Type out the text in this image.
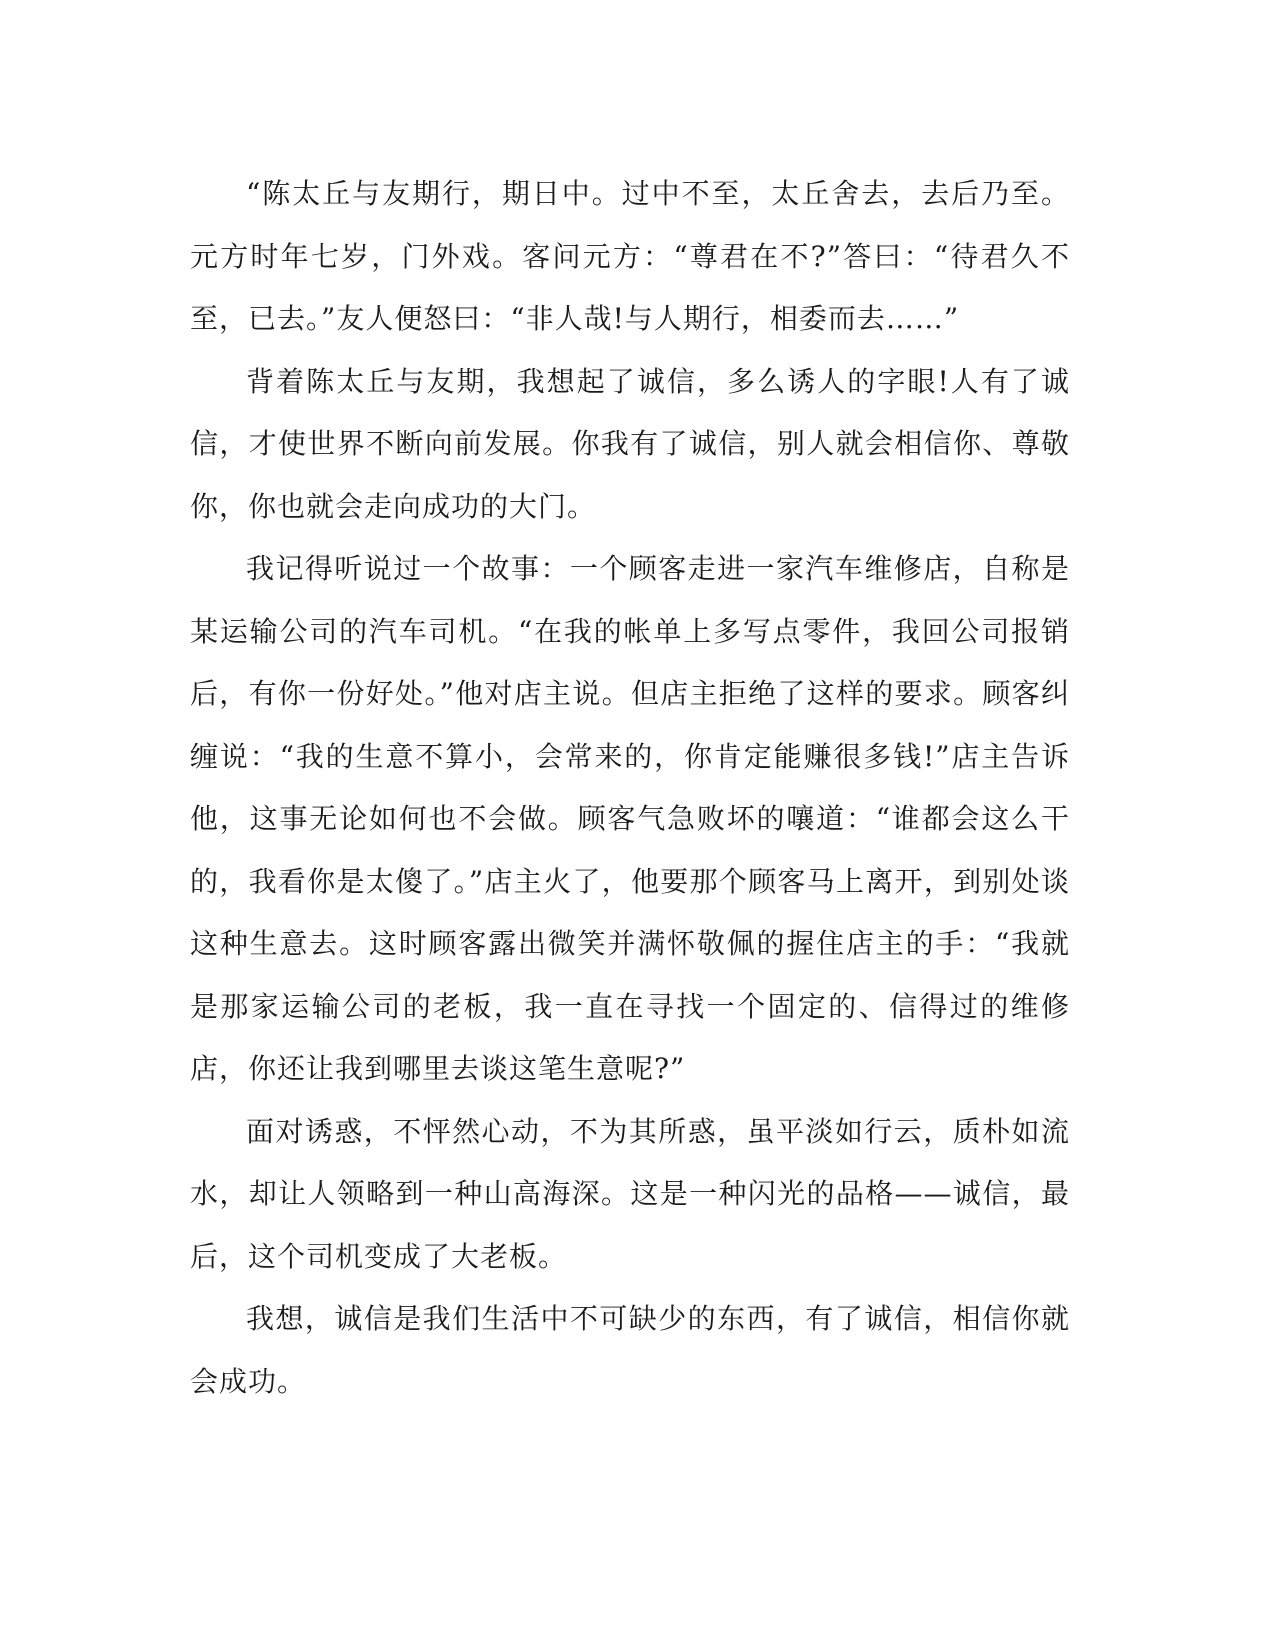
“陈太丘与友期行，期日中。过中不至，太丘舍去，去后乃至。元方时年七岁，门外戏。客问元方：“尊君在不?”答曰：“待君久不至，已去。”友人便怒曰：“非人哉!与人期行，相委而去……”

背着陈太丘与友期，我想起了诚信，多么诱人的字眼!人有了诚信，才使世界不断向前发展。你我有了诚信，别人就会相信你、尊敬你，你也就会走向成功的大门。

我记得听说过一个故事：一个顾客走进一家汽车维修店，自称是某运输公司的汽车司机。“在我的帐单上多写点零件，我回公司报销后，有你一份好处。”他对店主说。但店主拒绝了这样的要求。顾客纠缠说：“我的生意不算小，会常来的，你肯定能赚很多钱!”店主告诉他，这事无论如何也不会做。顾客气急败坏的嚷道：“谁都会这么干的，我看你是太傻了。”店主火了，他要那个顾客马上离开，到别处谈这种生意去。这时顾客露出微笑并满怀敬佩的握住店主的手：“我就是那家运输公司的老板，我一直在寻找一个固定的、信得过的维修店，你还让我到哪里去谈这笔生意呢?”

面对诱惑，不怦然心动，不为其所惑，虽平淡如行云，质朴如流水，却让人领略到一种山高海深。这是一种闪光的品格——诚信，最后，这个司机变成了大老板。

我想，诚信是我们生活中不可缺少的东西，有了诚信，相信你就会成功。
